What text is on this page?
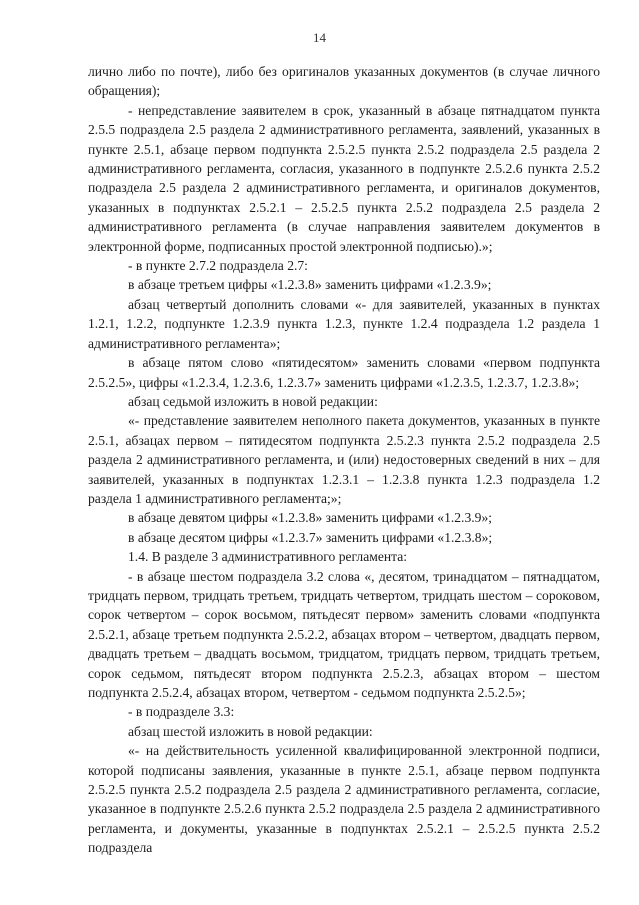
14

лично либо по почте), либо без оригиналов указанных документов (в случае личного обращения);

- непредставление заявителем в срок, указанный в абзаце пятнадцатом пункта 2.5.5 подраздела 2.5 раздела 2 административного регламента, заявлений, указанных в пункте 2.5.1, абзаце первом подпункта 2.5.2.5 пункта 2.5.2 подраздела 2.5 раздела 2 административного регламента, согласия, указанного в подпункте 2.5.2.6 пункта 2.5.2 подраздела 2.5 раздела 2 административного регламента, и оригиналов документов, указанных в подпунктах 2.5.2.1 – 2.5.2.5 пункта 2.5.2 подраздела 2.5 раздела 2 административного регламента (в случае направления заявителем документов в электронной форме, подписанных простой электронной подписью).»;

- в пункте 2.7.2 подраздела 2.7:

в абзаце третьем цифры «1.2.3.8» заменить цифрами «1.2.3.9»;

абзац четвертый дополнить словами «- для заявителей, указанных в пунктах 1.2.1, 1.2.2, подпункте 1.2.3.9 пункта 1.2.3, пункте 1.2.4 подраздела 1.2 раздела 1 административного регламента»;

в абзаце пятом слово «пятидесятом» заменить словами «первом подпункта 2.5.2.5», цифры «1.2.3.4, 1.2.3.6, 1.2.3.7» заменить цифрами «1.2.3.5, 1.2.3.7, 1.2.3.8»;

абзац седьмой изложить в новой редакции:

«- представление заявителем неполного пакета документов, указанных в пункте 2.5.1, абзацах первом – пятидесятом подпункта 2.5.2.3 пункта 2.5.2 подраздела 2.5 раздела 2 административного регламента, и (или) недостоверных сведений в них – для заявителей, указанных в подпунктах 1.2.3.1 – 1.2.3.8 пункта 1.2.3 подраздела 1.2 раздела 1 административного регламента;»;

в абзаце девятом цифры «1.2.3.8» заменить цифрами «1.2.3.9»;

в абзаце десятом цифры «1.2.3.7» заменить цифрами «1.2.3.8»;

1.4. В разделе 3 административного регламента:

- в абзаце шестом подраздела 3.2 слова «, десятом, тринадцатом – пятнадцатом, тридцать первом, тридцать третьем, тридцать четвертом, тридцать шестом – сороковом, сорок четвертом – сорок восьмом, пятьдесят первом» заменить словами «подпункта 2.5.2.1, абзаце третьем подпункта 2.5.2.2, абзацах втором – четвертом, двадцать первом, двадцать третьем – двадцать восьмом, тридцатом, тридцать первом, тридцать третьем, сорок седьмом, пятьдесят втором подпункта 2.5.2.3, абзацах втором – шестом подпункта 2.5.2.4, абзацах втором, четвертом - седьмом подпункта 2.5.2.5»;

- в подразделе 3.3:

абзац шестой изложить в новой редакции:

«- на действительность усиленной квалифицированной электронной подписи, которой подписаны заявления, указанные в пункте 2.5.1, абзаце первом подпункта 2.5.2.5 пункта 2.5.2 подраздела 2.5 раздела 2 административного регламента, согласие, указанное в подпункте 2.5.2.6 пункта 2.5.2 подраздела 2.5 раздела 2 административного регламента, и документы, указанные в подпунктах 2.5.2.1 – 2.5.2.5 пункта 2.5.2 подраздела
